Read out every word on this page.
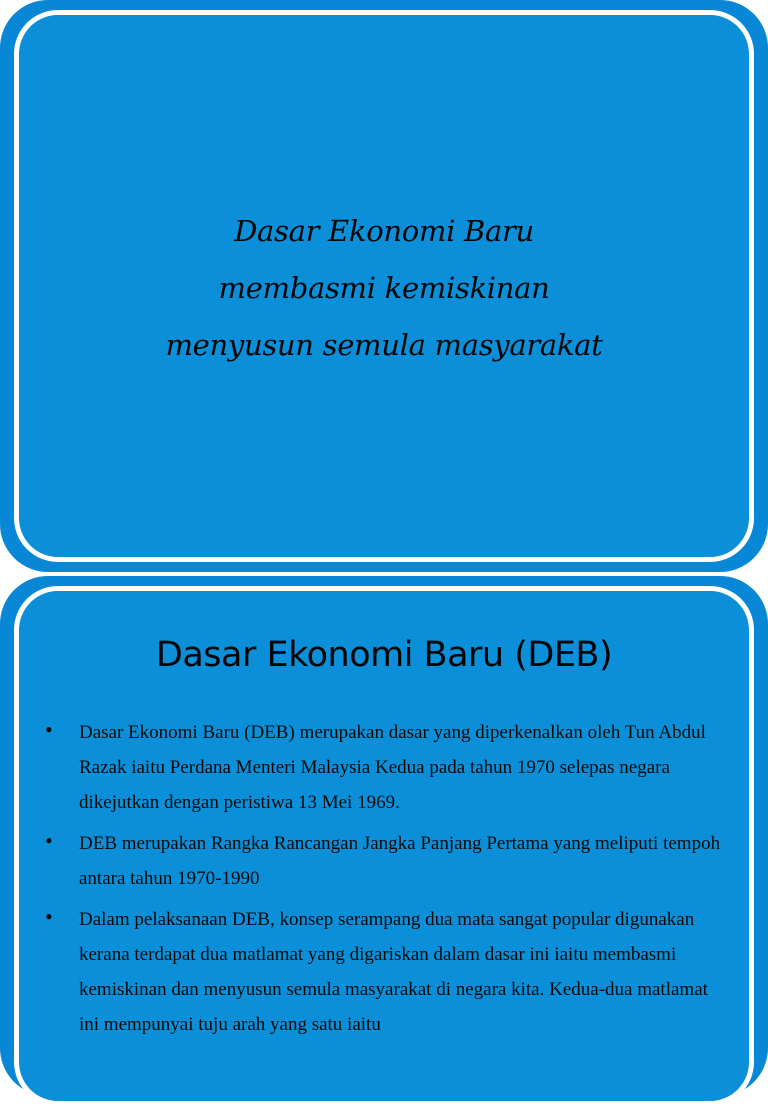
Dasar Ekonomi Baru
membasmi kemiskinan
menyusun semula masyarakat
Dasar Ekonomi Baru (DEB)
• Dasar Ekonomi Baru (DEB) merupakan dasar yang diperkenalkan oleh Tun Abdul Razak iaitu Perdana Menteri Malaysia Kedua pada tahun 1970 selepas negara dikejutkan dengan peristiwa 13 Mei 1969.
• DEB merupakan Rangka Rancangan Jangka Panjang Pertama yang meliputi tempoh antara tahun 1970-1990
• Dalam pelaksanaan DEB, konsep serampang dua mata sangat popular digunakan kerana terdapat dua matlamat yang digariskan dalam dasar ini iaitu membasmi kemiskinan dan menyusun semula masyarakat di negara kita. Kedua-dua matlamat ini mempunyai tuju arah yang satu iaitu
